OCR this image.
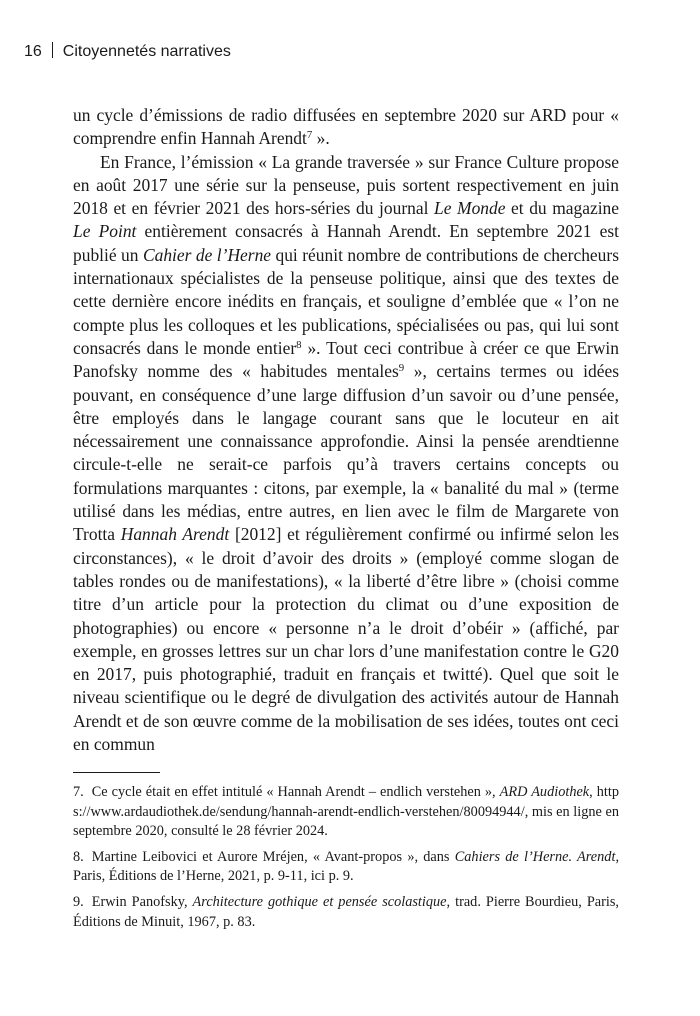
16 Citoyennetés narratives

un cycle d’émissions de radio diffusées en septembre 2020 sur ARD pour « comprendre enfin Hannah Arendt$^7$ ».

En France, l’émission « La grande traversée » sur France Culture propose en août 2017 une série sur la penseuse, puis sortent respectivement en juin 2018 et en février 2021 des hors-séries du journal Le Monde et du magazine Le Point entièrement consacrés à Hannah Arendt. En septembre 2021 est publié un Cahier de l’Herne qui réunit nombre de contributions de chercheurs internationaux spécialistes de la penseuse politique, ainsi que des textes de cette dernière encore inédits en français, et souligne d’emblée que « l’on ne compte plus les colloques et les publications, spécialisées ou pas, qui lui sont consacrés dans le monde entier$^8$ ». Tout ceci contribue à créer ce que Erwin Panofsky nomme des « habitudes mentales$^9$ », certains termes ou idées pouvant, en conséquence d’une large diffusion d’un savoir ou d’une pensée, être employés dans le langage courant sans que le locuteur en ait nécessairement une connaissance approfondie. Ainsi la pensée arendtienne circule-t-elle ne serait-ce parfois qu’à travers certains concepts ou formulations marquantes : citons, par exemple, la « banalité du mal » (terme utilisé dans les médias, entre autres, en lien avec le film de Margarete von Trotta Hannah Arendt [2012] et régulièrement confirmé ou infirmé selon les circonstances), « le droit d’avoir des droits » (employé comme slogan de tables rondes ou de manifestations), « la liberté d’être libre » (choisi comme titre d’un article pour la protection du climat ou d’une exposition de photographies) ou encore « personne n’a le droit d’obéir » (affiché, par exemple, en grosses lettres sur un char lors d’une manifestation contre le G20 en 2017, puis photographié, traduit en français et twitté). Quel que soit le niveau scientifique ou le degré de divulgation des activités autour de Hannah Arendt et de son œuvre comme de la mobilisation de ses idées, toutes ont ceci en commun

7. Ce cycle était en effet intitulé « Hannah Arendt – endlich verstehen », ARD Audiothek, https://www.ardaudiothek.de/sendung/hannah-arendt-endlich-verstehen/80094944/, mis en ligne en septembre 2020, consulté le 28 février 2024.

8. Martine Leibovici et Aurore Mréjen, « Avant-propos », dans Cahiers de l’Herne. Arendt, Paris, Éditions de l’Herne, 2021, p. 9-11, ici p. 9.

9. Erwin Panofsky, Architecture gothique et pensée scolastique, trad. Pierre Bourdieu, Paris, Éditions de Minuit, 1967, p. 83.
